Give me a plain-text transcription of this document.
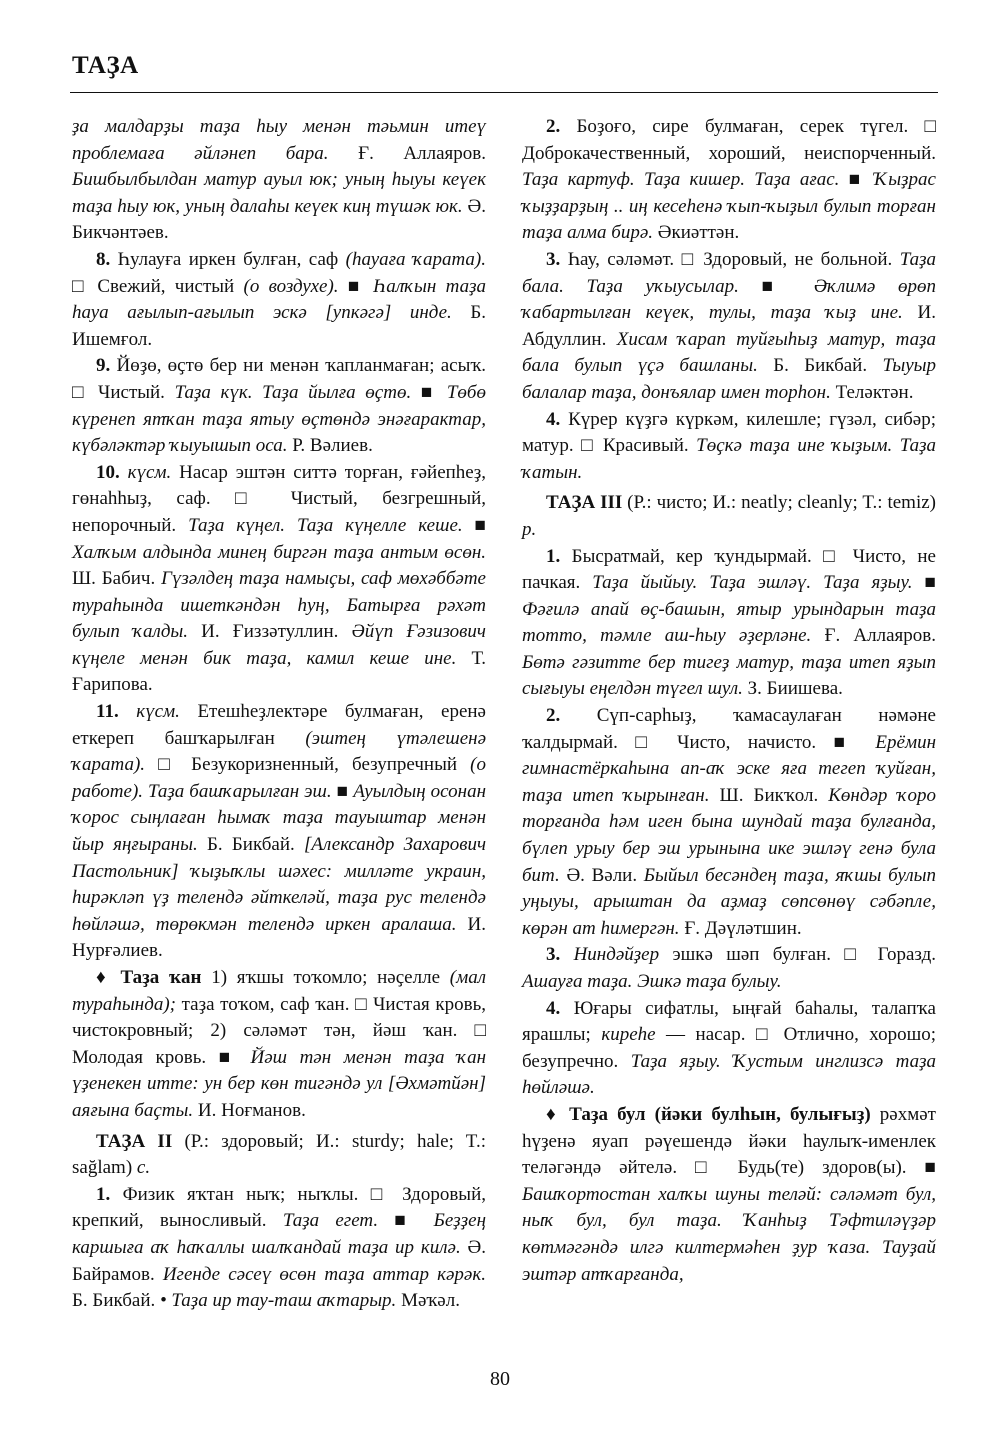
ТАҘА

ҙа малдарҙы таҙа һыу менән тәьмин итеү проблемаға әйләнеп бара. Ғ. Аллаяров. Бишбылбылдан матур ауыл юк; уның һыуы кеүек таҙа һыу юк, уның далаһы кеүек киң түшәк юк. Ә. Бикчәнтәев.

8. Һулауға иркен булған, саф (һауаға ҡарата). □ Свежий, чистый (о воздухе). ■ Һалҡын таҙа һауа ағылып-ағылып эскә [упкәгә] инде. Б. Ишемғол.

9. Йөҙө, өҫтө бер ни менән ҡапланмаған; асыҡ. □ Чистый. Таҙа күк. Таҙа йылға өҫтө. ■ Төбө күренеп ятҡан таҙа ятыу өҫтөндә энәғарактар, күбәләктәр ҡыуышып оса. Р. Вәлиев.

10. күсм. Насар эштән ситтә торған, ғәйепһеҙ, гөнаһһыҙ, саф. □ Чистый, безгрешный, непорочный. Таҙа күңел. Таҙа күңелле кеше. ■ Халҡым алдында минең биргән таҙа антым өсөн. Ш. Бабич. Гүзәлдең таҙа намыҫы, саф мөхәббәте тураһында ишеткәндән һуң, Батырға рәхәт булып ҡалды. И. Ғиззәтуллин. Әйүп Ғәзизович күңеле менән бик таҙа, камил кеше ине. Т. Ғарипова.

11. күсм. Етешһеҙлектәре булмаған, еренә еткереп башҡарылған (эштең үтәлешенә ҡарата). □ Безукоризненный, безупречный (о работе). Таҙа башҡарылған эш. ■ Ауылдың осонан ҡорос сыңлаған һымаҡ таҙа тауыштар менән йыр яңғыраны. Б. Бикбай. [Александр Захарович Пастольник] ҡыҙыҡлы шәхес: милләте украин, һирәкләп үҙ телендә әйткеләй, таҙа рус телендә һөйләшә, төрөкмән телендә иркен аралаша. И. Нурғәлиев.

♦ Таҙа ҡан 1) яҡшы тоҡомло; нәҫелле (мал тураһында); таҙа тоҡом, саф ҡан. □ Чистая кровь, чистокровный; 2) сәләмәт тән, йәш ҡан. □ Молодая кровь. ■ Йәш тән менән таҙа ҡан үҙенекен итте: ун бер көн тигәндә ул [Әхмәтйән] аяғына баҫты. И. Ноғманов.

ТАҘА II (Р.: здоровый; И.: sturdy; hale; T.: sağlam) с.

1. Физик яҡтан ныҡ; ныҡлы. □ Здоровый, крепкий, выносливый. Таҙа егет. ■ Беҙҙең каршыға аҡ һаҡаллы шалҡандай таҙа ир килә. Ә. Байрамов. Игенде сәсеү өсөн таҙа аттар кәрәк. Б. Бикбай. • Таҙа ир тау-таш аҡтарыр. Мәҡәл.

2. Боҙоғо, сире булмаған, серек түгел. □ Доброкачественный, хороший, неиспорченный. Таҙа картуф. Таҙа кишер. Таҙа ағас. ■ Ҡыҙрас ҡыҙҙарҙың .. иң кесеһенә ҡып-ҡыҙыл булып торған таҙа алма бирә. Әкиәттән.

3. Һау, сәләмәт. □ Здоровый, не больной. Таҙа бала. Таҙа уҡыусылар. ■ Әҡлимә өрөп ҡабартылған кеүек, тулы, таҙа ҡыҙ ине. И. Абдуллин. Хисам ҡарап туйғыһыҙ матур, таҙа бала булып үҫә башланы. Б. Бикбай. Тыуыр балалар таҙа, донъялар имен торһон. Теләктән.

4. Күрер күҙгә күркәм, килешле; гүзәл, сибәр; матур. □ Красивый. Төҫкә таҙа ине ҡыҙым. Таҙа ҡатын.

ТАҘА III (Р.: чисто; И.: neatly; cleanly; T.: temiz) р.

1. Бысратмай, кер ҡундырмай. □ Чисто, не пачкая. Таҙа йыйыу. Таҙа эшләү. Таҙа яҙыу. ■ Фәғилә апай өҫ-башын, ятыр урындарын таҙа тотто, тәмле аш-һыу әҙерләне. Ғ. Аллаяров. Бөтә гәзитте бер тигеҙ матур, таҙа итеп яҙып сығыуы еңелдән түгел шул. З. Биишева.

2. Сүп-сарһыҙ, ҡамасаулаған нәмәне ҡалдырмай. □ Чисто, начисто. ■ Ерёмин гимнастёркаһына ап-аҡ эске яға тегеп ҡуйған, таҙа итеп ҡырынған. Ш. Бикҡол. Көндәр ҡоро торғанда һәм иген бына шундай таҙа булғанда, бүлеп урыу бер эш урынына ике эшләү генә була бит. Ә. Вәли. Быйыл бесәндең таҙа, яҡшы булып уңыуы, арыштан да аҙмаҙ сөпсөнөү сәбәпле, көрән ат һимергән. Ғ. Дәүләтшин.

3. Ниндәйҙер эшкә шәп булған. □ Горазд. Ашауға таҙа. Эшкә таҙа булыу.

4. Юғары сифатлы, ыңғай баһалы, талапҡа ярашлы; киреһе — насар. □ Отлично, хорошо; безупречно. Таҙа яҙыу. Ҡустым инглизсә таҙа һөйләшә.

♦ Таҙа бул (йәки булһын, булығыҙ) рәхмәт һүҙенә яуап рәүешендә йәки һаулыҡ-именлек теләгәндә әйтелә. □ Будь(те) здоров(ы). ■ Башҡортостан халҡы шуны теләй: сәләмәт бул, ныҡ бул, бул таҙа. Ҡанһыҙ Тәфтиләүҙәр көтмәгәндә илгә килтермәһен ҙур ҡаза. Тауҙай эштәр атҡарғанда,

80
